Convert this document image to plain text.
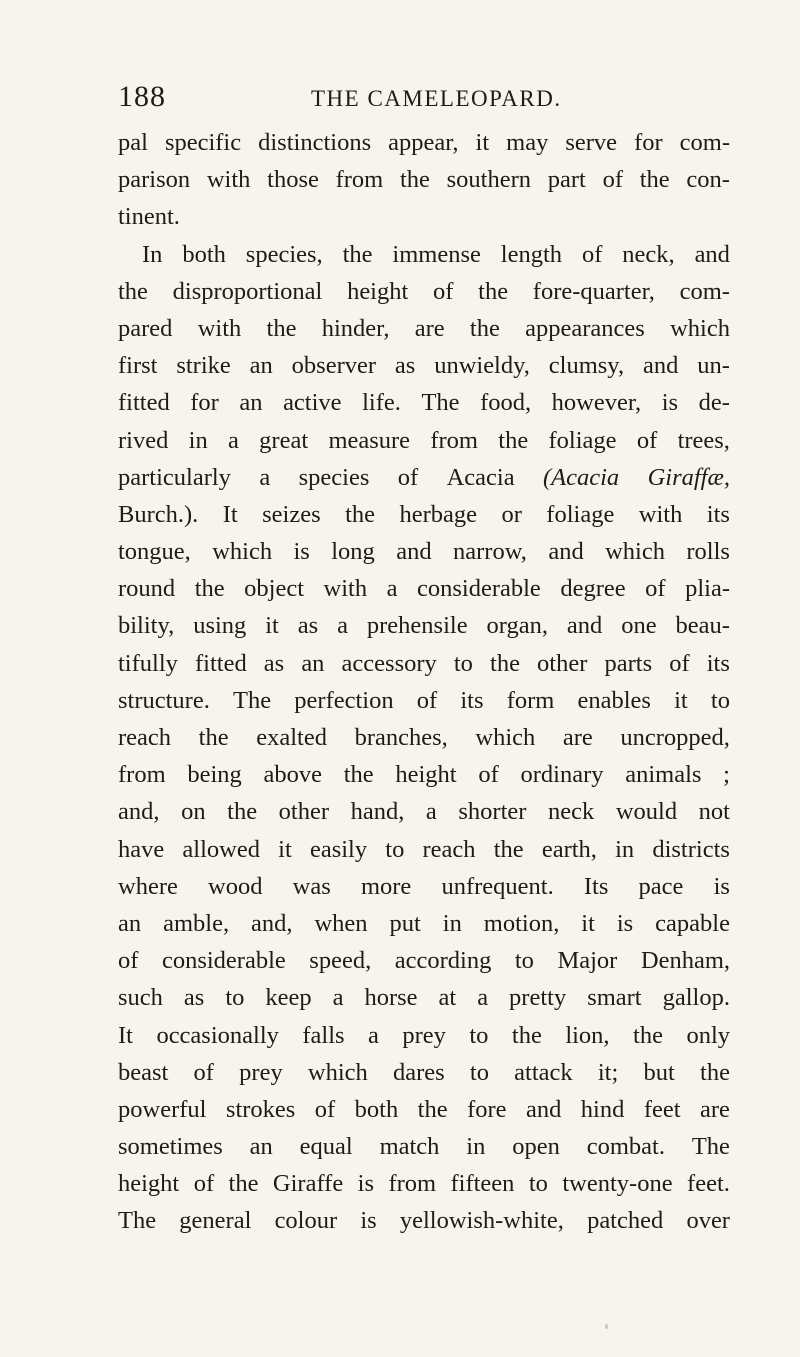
188	THE CAMELEOPARD.
pal specific distinctions appear, it may serve for com-
parison with those from the southern part of the con-
tinent.
In both species, the immense length of neck, and
the disproportional height of the fore-quarter, com-
pared with the hinder, are the appearances which
first strike an observer as unwieldy, clumsy, and un-
fitted for an active life. The food, however, is de-
rived in a great measure from the foliage of trees,
particularly a species of Acacia (Acacia Giraffæ,
Burch.). It seizes the herbage or foliage with its
tongue, which is long and narrow, and which rolls
round the object with a considerable degree of plia-
bility, using it as a prehensile organ, and one beau-
tifully fitted as an accessory to the other parts of its
structure. The perfection of its form enables it to
reach the exalted branches, which are uncropped,
from being above the height of ordinary animals ;
and, on the other hand, a shorter neck would not
have allowed it easily to reach the earth, in districts
where wood was more unfrequent. Its pace is
an amble, and, when put in motion, it is capable
of considerable speed, according to Major Denham,
such as to keep a horse at a pretty smart gallop.
It occasionally falls a prey to the lion, the only
beast of prey which dares to attack it; but the
powerful strokes of both the fore and hind feet are
sometimes an equal match in open combat. The
height of the Giraffe is from fifteen to twenty-one feet.
The general colour is yellowish-white, patched over
